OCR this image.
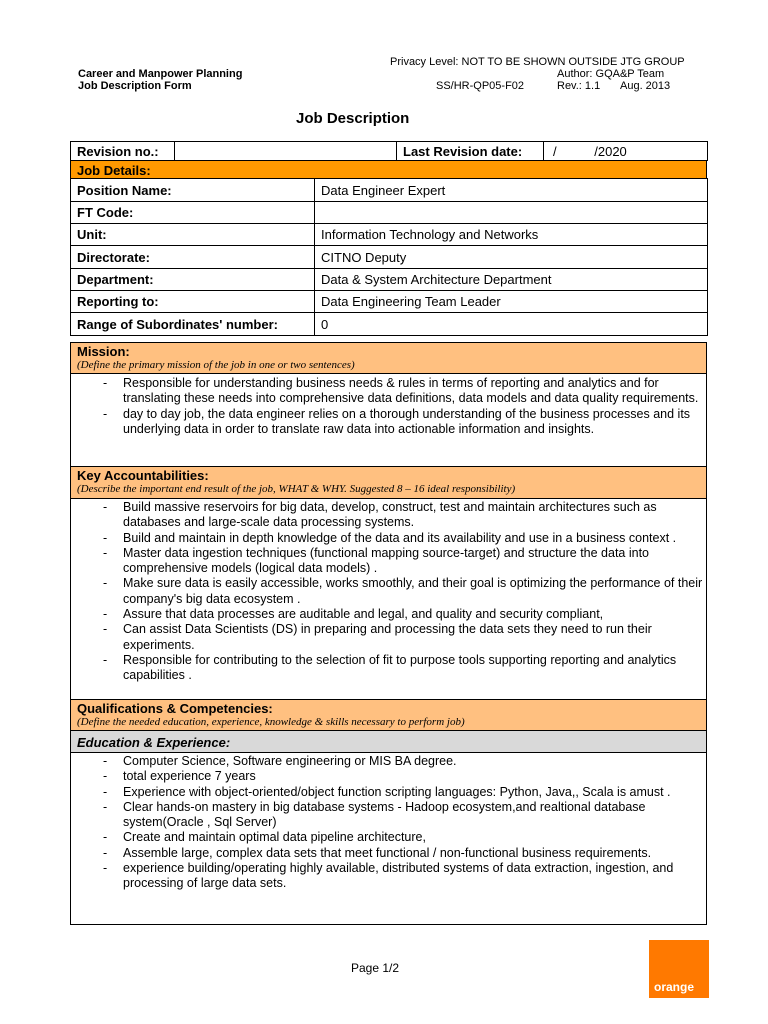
Privacy Level: NOT TO BE SHOWN OUTSIDE JTG GROUP
Career and Manpower Planning
Job Description Form
Author: GQA&P Team
SS/HR-QP05-F02	Rev.: 1.1 Aug. 2013
Job Description
Revision no.:		Last Revision date:	/	/2020
Job Details:
Position Name:	Data Engineer Expert
FT Code:	
Unit:	Information Technology and Networks
Directorate:	CITNO Deputy
Department:	Data & System Architecture Department
Reporting to:	Data Engineering Team Leader
Range of Subordinates' number:	0
Mission:
(Define the primary mission of the job in one or two sentences)
- Responsible for understanding business needs & rules in terms of reporting and analytics and for translating these needs into comprehensive data definitions, data models and data quality requirements.
- day to day job, the data engineer relies on a thorough understanding of the business processes and its underlying data in order to translate raw data into actionable information and insights.
Key Accountabilities:
(Describe the important end result of the job, WHAT & WHY. Suggested 8 – 16 ideal responsibility)
- Build massive reservoirs for big data, develop, construct, test and maintain architectures such as databases and large-scale data processing systems.
- Build and maintain in depth knowledge of the data and its availability and use in a business context .
- Master data ingestion techniques (functional mapping source-target) and structure the data into comprehensive models (logical data models) .
- Make sure data is easily accessible, works smoothly, and their goal is optimizing the performance of their company's big data ecosystem .
- Assure that data processes are auditable and legal, and quality and security compliant,
- Can assist Data Scientists (DS) in preparing and processing the data sets they need to run their experiments.
- Responsible for contributing to the selection of fit to purpose tools supporting reporting and analytics capabilities .
Qualifications & Competencies:
(Define the needed education, experience, knowledge & skills necessary to perform job)
Education & Experience:
- Computer Science, Software engineering or MIS BA degree.
- total experience 7 years
- Experience with object-oriented/object function scripting languages: Python, Java,, Scala is amust .
- Clear hands-on mastery in big database systems - Hadoop ecosystem,and realtional database system(Oracle , Sql Server)
- Create and maintain optimal data pipeline architecture,
- Assemble large, complex data sets that meet functional / non-functional business requirements.
- experience building/operating highly available, distributed systems of data extraction, ingestion, and processing of large data sets.
Page 1/2
orange
